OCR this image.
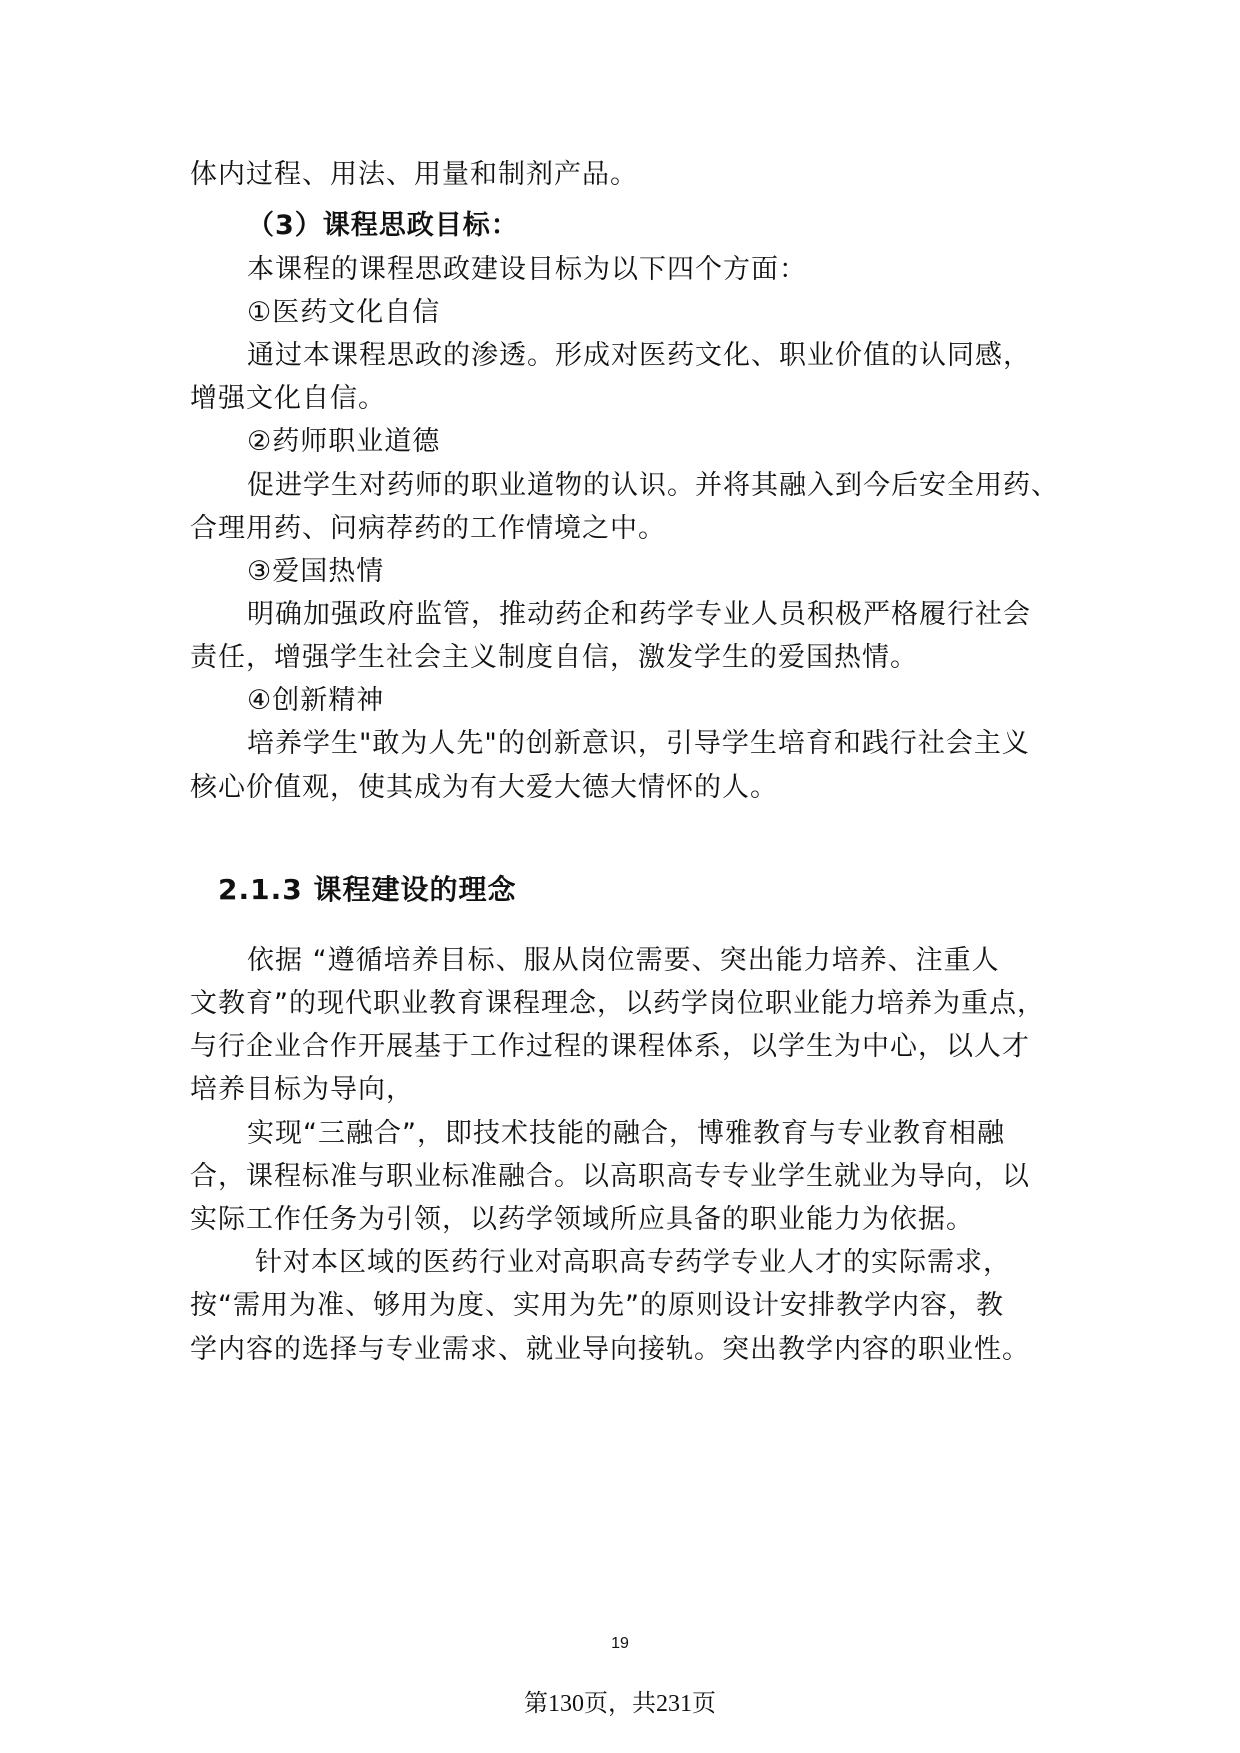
体内过程、用法、用量和制剂产品。
（3）课程思政目标：
本课程的课程思政建设目标为以下四个方面：
①医药文化自信
通过本课程思政的渗透。形成对医药文化、职业价值的认同感，
增强文化自信。
②药师职业道德
促进学生对药师的职业道物的认识。并将其融入到今后安全用药、
合理用药、问病荐药的工作情境之中。
③爱国热情
明确加强政府监管，推动药企和药学专业人员积极严格履行社会
责任，增强学生社会主义制度自信，激发学生的爱国热情。
④创新精神
培养学生"敢为人先"的创新意识，引导学生培育和践行社会主义
核心价值观，使其成为有大爱大德大情怀的人。
2.1.3 课程建设的理念
依据 “遵循培养目标、服从岗位需要、突出能力培养、注重人
文教育”的现代职业教育课程理念，以药学岗位职业能力培养为重点，
与行企业合作开展基于工作过程的课程体系，以学生为中心，以人才
培养目标为导向，
实现“三融合”，即技术技能的融合，博雅教育与专业教育相融
合，课程标准与职业标准融合。以高职高专专业学生就业为导向，以
实际工作任务为引领，以药学领域所应具备的职业能力为依据。
针对本区域的医药行业对高职高专药学专业人才的实际需求，
按“需用为准、够用为度、实用为先”的原则设计安排教学内容，教
学内容的选择与专业需求、就业导向接轨。突出教学内容的职业性。
19
第130页，共231页
